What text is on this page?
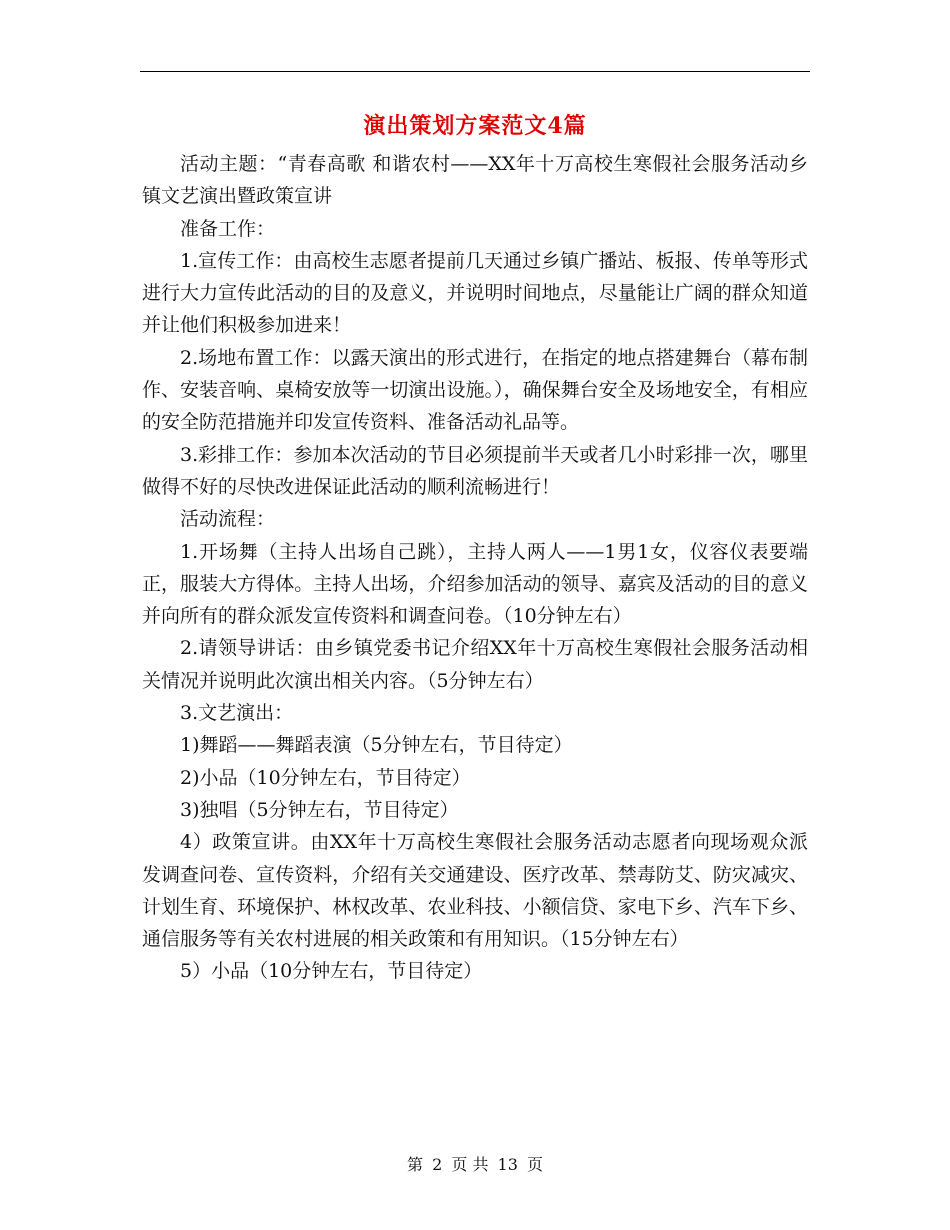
演出策划方案范文4篇

活动主题：“青春高歌 和谐农村——XX年十万高校生寒假社会服务活动乡镇文艺演出暨政策宣讲

准备工作：

1.宣传工作：由高校生志愿者提前几天通过乡镇广播站、板报、传单等形式进行大力宣传此活动的目的及意义，并说明时间地点，尽量能让广阔的群众知道并让他们积极参加进来！

2.场地布置工作：以露天演出的形式进行，在指定的地点搭建舞台（幕布制作、安装音响、桌椅安放等一切演出设施。），确保舞台安全及场地安全，有相应的安全防范措施并印发宣传资料、准备活动礼品等。

3.彩排工作：参加本次活动的节目必须提前半天或者几小时彩排一次，哪里做得不好的尽快改进保证此活动的顺利流畅进行！

活动流程：

1.开场舞（主持人出场自己跳），主持人两人——1男1女，仪容仪表要端正，服装大方得体。主持人出场，介绍参加活动的领导、嘉宾及活动的目的意义并向所有的群众派发宣传资料和调查问卷。（10分钟左右）

2.请领导讲话：由乡镇党委书记介绍XX年十万高校生寒假社会服务活动相关情况并说明此次演出相关内容。（5分钟左右）

3.文艺演出：

1)舞蹈——舞蹈表演（5分钟左右，节目待定）

2)小品（10分钟左右，节目待定）

3)独唱（5分钟左右，节目待定）

4）政策宣讲。由XX年十万高校生寒假社会服务活动志愿者向现场观众派发调查问卷、宣传资料，介绍有关交通建设、医疗改革、禁毒防艾、防灾减灾、计划生育、环境保护、林权改革、农业科技、小额信贷、家电下乡、汽车下乡、通信服务等有关农村进展的相关政策和有用知识。（15分钟左右）

5）小品（10分钟左右，节目待定）

第 2 页 共 13 页
